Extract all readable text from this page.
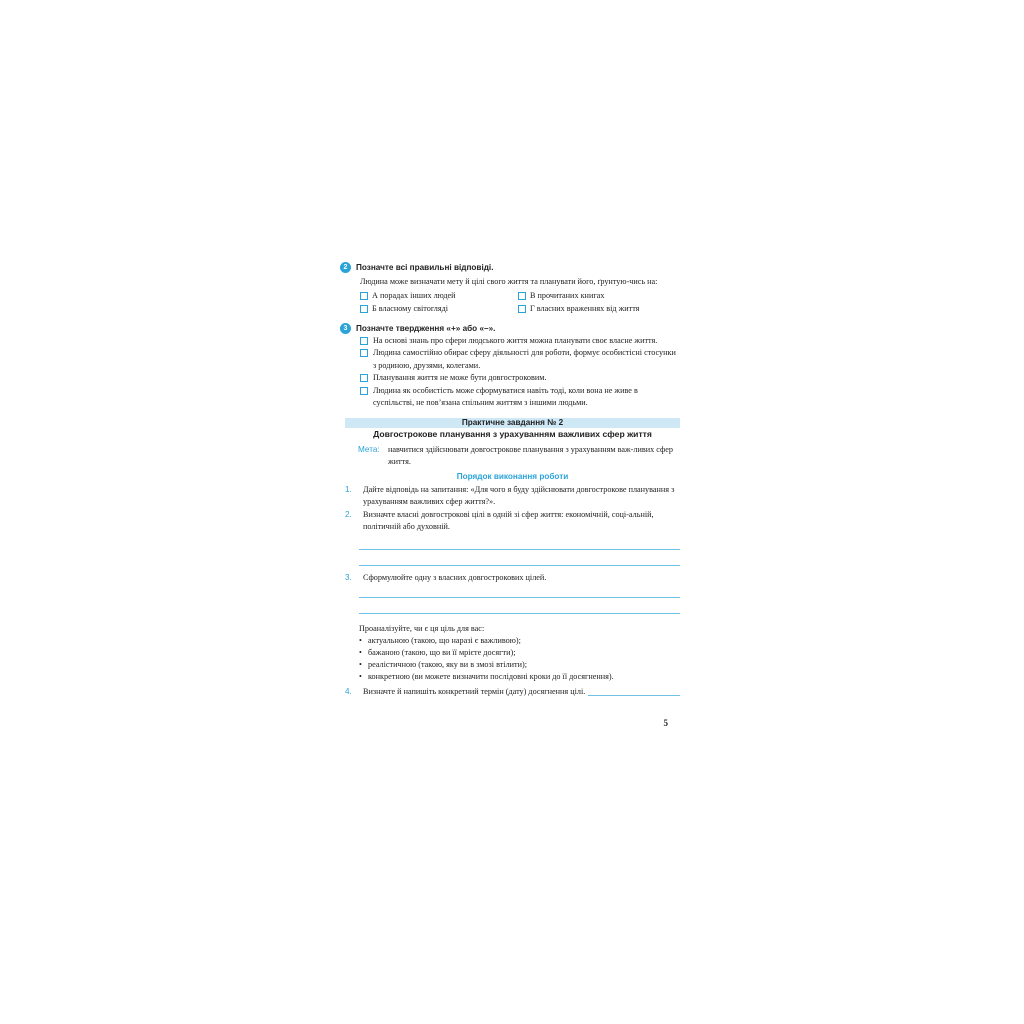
2	Позначте всі правильні відповіді.
Людина може визначати мету й цілі свого життя та планувати його, ґрунтую-чись на:
А порадах інших людей	В прочитаних книгах
Б власному світогляді	Г власних враженнях від життя
3	Позначте твердження «+» або «–».
На основі знань про сфери людського життя можна планувати своє власне життя.
Людина самостійно обирає сферу діяльності для роботи, формує особистісні стосунки з родиною, друзями, колегами.
Планування життя не може бути довгостроковим.
Людина як особистість може сформуватися навіть тоді, коли вона не живе в суспільстві, не пов’язана спільним життям з іншими людьми.
Практичне завдання № 2
Довгострокове планування з урахуванням важливих сфер життя
Мета:	навчитися здійснювати довгострокове планування з урахуванням важ-ливих сфер життя.
Порядок виконання роботи
1.	Дайте відповідь на запитання: «Для чого я буду здійснювати довгострокове планування з урахуванням важливих сфер життя?».
2.	Визначте власні довгострокові цілі в одній зі сфер життя: економічній, соці-альній, політичній або духовній.
3.	Сформулюйте одну з власних довгострокових цілей.
Проаналізуйте, чи є ця ціль для вас:
• актуальною (такою, що наразі є важливою);
• бажаною (такою, що ви її мрієте досягти);
• реалістичною (такою, яку ви в змозі втілити);
• конкретною (ви можете визначити послідовні кроки до її досягнення).
4.	Визначте й напишіть конкретний термін (дату) досягнення цілі.
5
